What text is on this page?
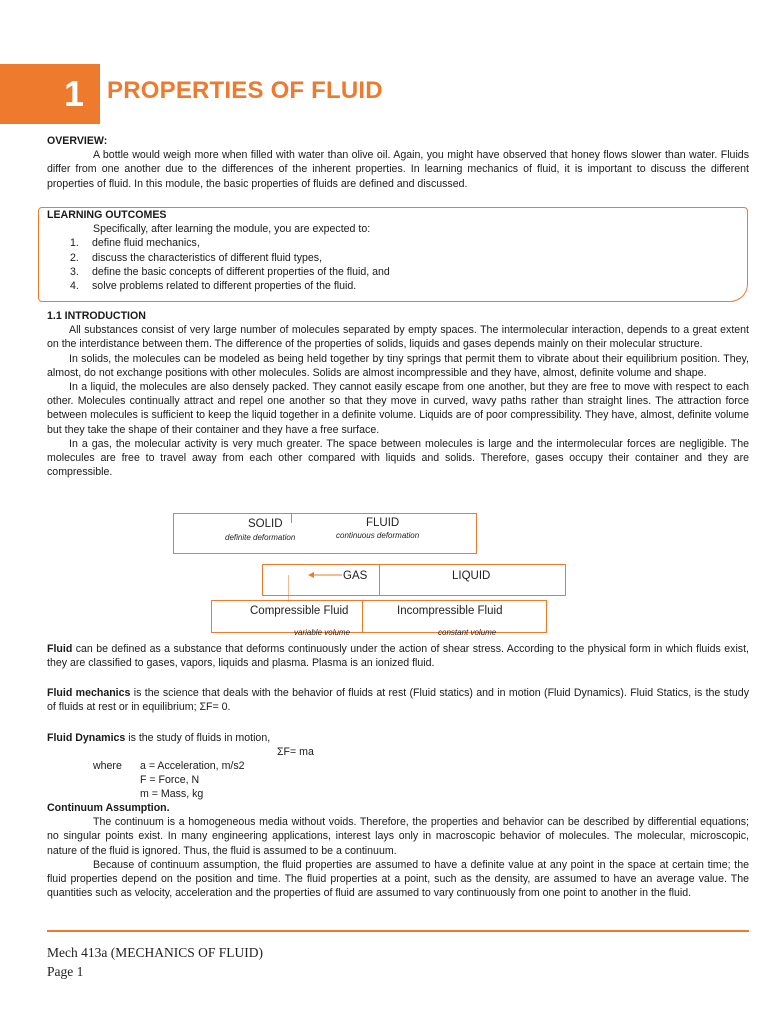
1 PROPERTIES OF FLUID
OVERVIEW:
A bottle would weigh more when filled with water than olive oil. Again, you might have observed that honey flows slower than water. Fluids differ from one another due to the differences of the inherent properties. In learning mechanics of fluid, it is important to discuss the different properties of fluid. In this module, the basic properties of fluids are defined and discussed.
LEARNING OUTCOMES
Specifically, after learning the module, you are expected to:
1.	define fluid mechanics,
2.	discuss the characteristics of different fluid types,
3.	define the basic concepts of different properties of the fluid, and
4.	solve problems related to different properties of the fluid.
1.1 INTRODUCTION
All substances consist of very large number of molecules separated by empty spaces. The intermolecular interaction, depends to a great extent on the interdistance between them. The difference of the properties of solids, liquids and gases depends mainly on their molecular structure.
In solids, the molecules can be modeled as being held together by tiny springs that permit them to vibrate about their equilibrium position. They, almost, do not exchange positions with other molecules. Solids are almost incompressible and they have, almost, definite volume and shape.
In a liquid, the molecules are also densely packed. They cannot easily escape from one another, but they are free to move with respect to each other. Molecules continually attract and repel one another so that they move in curved, wavy paths rather than straight lines. The attraction force between molecules is sufficient to keep the liquid together in a definite volume. Liquids are of poor compressibility. They have, almost, definite volume but they take the shape of their container and they have a free surface.
In a gas, the molecular activity is very much greater. The space between molecules is large and the intermolecular forces are negligible. The molecules are free to travel away from each other compared with liquids and solids. Therefore, gases occupy their container and they are compressible.
SOLID
definite deformation
FLUID
continuous deformation
GAS	LIQUID
Compressible Fluid	Incompressible Fluid
variable volume	constant volume
Fluid can be defined as a substance that deforms continuously under the action of shear stress. According to the physical form in which fluids exist, they are classified to gases, vapors, liquids and plasma. Plasma is an ionized fluid.
Fluid mechanics is the science that deals with the behavior of fluids at rest (Fluid statics) and in motion (Fluid Dynamics). Fluid Statics, is the study of fluids at rest or in equilibrium; ΣF= 0.
Fluid Dynamics is the study of fluids in motion,
ΣF= ma
where	a = Acceleration, m/s2
F = Force, N
m = Mass, kg
Continuum Assumption.
The continuum is a homogeneous media without voids. Therefore, the properties and behavior can be described by differential equations; no singular points exist. In many engineering applications, interest lays only in macroscopic behavior of molecules. The molecular, microscopic, nature of the fluid is ignored. Thus, the fluid is assumed to be a continuum.
Because of continuum assumption, the fluid properties are assumed to have a definite value at any point in the space at certain time; the fluid properties depend on the position and time. The fluid properties at a point, such as the density, are assumed to have an average value. The quantities such as velocity, acceleration and the properties of fluid are assumed to vary continuously from one point to another in the fluid.
Mech 413a (MECHANICS OF FLUID)
Page 1
